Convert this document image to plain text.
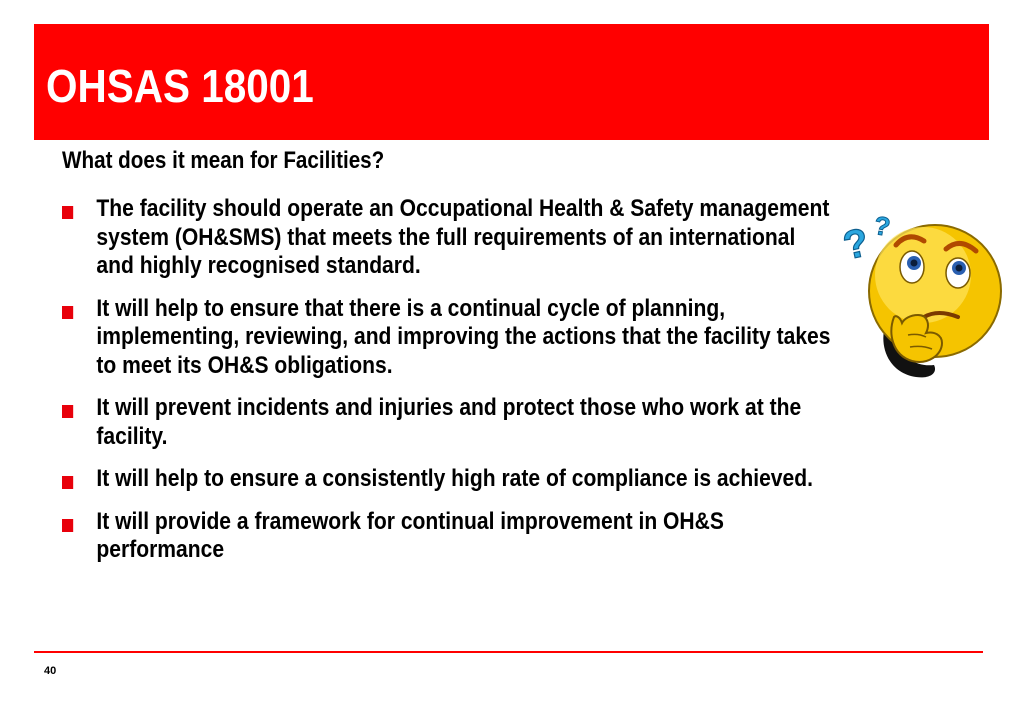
OHSAS 18001

What does it mean for Facilities?

The facility should operate an Occupational Health & Safety management system (OH&SMS) that meets the full requirements of an international and highly recognised standard.
It will help to ensure that there is a continual cycle of planning, implementing, reviewing, and improving the actions that the facility takes to meet its OH&S obligations.
It will prevent incidents and injuries and protect those who work at the facility.
It will help to ensure a consistently high rate of compliance is achieved.
It will provide a framework for continual improvement in OH&S performance
? ?
40
